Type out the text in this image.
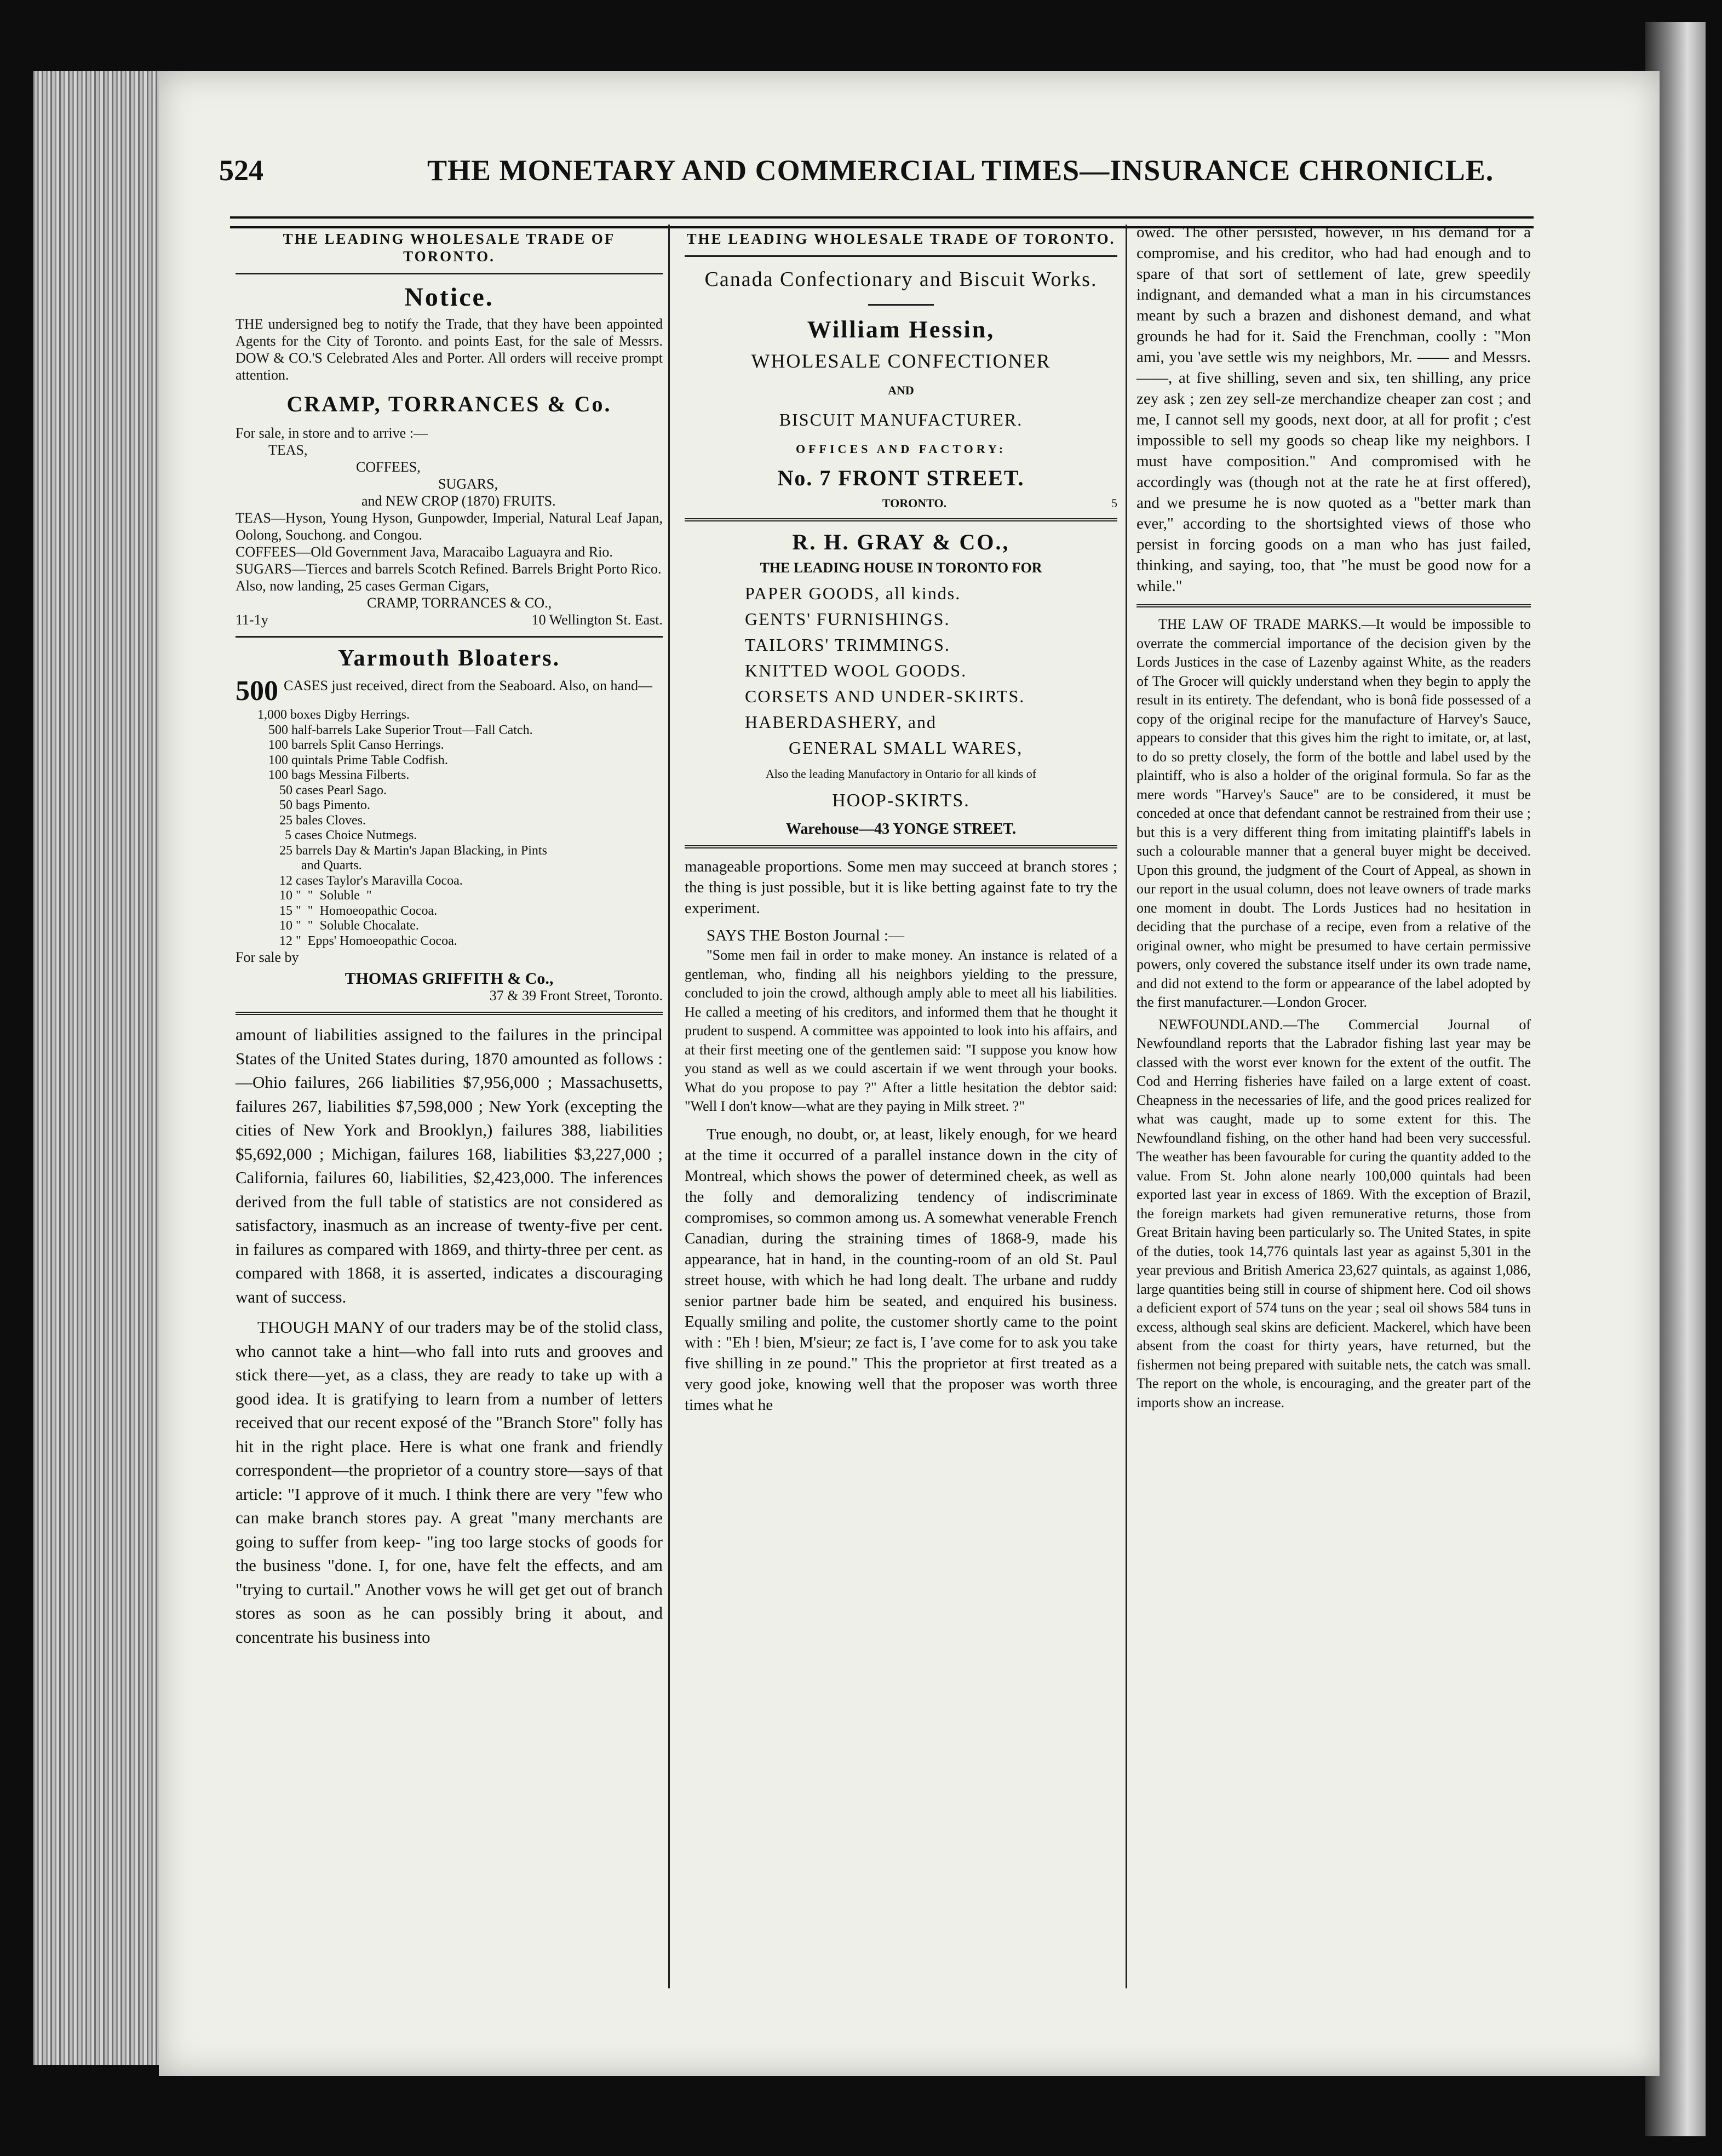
524	THE MONETARY AND COMMERCIAL TIMES—INSURANCE CHRONICLE.
THE LEADING WHOLESALE TRADE OF TORONTO.
Notice.

THE undersigned beg to notify the Trade, that they have been appointed Agents for the City of Toronto. and points East, for the sale of Messrs. DOW & CO.'S Celebrated Ales and Porter. All orders will receive prompt attention.

CRAMP, TORRANCES & Co.

For sale, in store and to arrive :—

TEAS,

COFFEES,

SUGARS,

and NEW CROP (1870) FRUITS.

TEAS—Hyson, Young Hyson, Gunpowder, Imperial, Natural Leaf Japan, Oolong, Souchong. and Congou.

COFFEES—Old Government Java, Maracaibo Laguayra and Rio.

SUGARS—Tierces and barrels Scotch Refined. Barrels Bright Porto Rico.

Also, now landing, 25 cases German Cigars,

CRAMP, TORRANCES & CO.,

11-1y	10 Wellington St. East.
Yarmouth Bloaters.
500 CASES just received, direct from the Seaboard. Also, on hand—
1,000 boxes Digby Herrings.
500 half-barrels Lake Superior Trout—Fall Catch.
100 barrels Split Canso Herrings.
100 quintals Prime Table Codfish.
100 bags Messina Filberts.
50 cases Pearl Sago.
50 bags Pimento.
25 bales Cloves.
5 cases Choice Nutmegs.
25 barrels Day & Martin's Japan Blacking, in Pints
and Quarts.
12 cases Taylor's Maravilla Cocoa.
10 "  "  Soluble  "
15 "  "  Homoeopathic Cocoa.
10 "  "  Soluble Chocalate.
12 "  Epps' Homoeopathic Cocoa.

For sale by

THOMAS GRIFFITH & Co.,

37 & 39 Front Street, Toronto.

amount of liabilities assigned to the failures in the principal States of the United States during, 1870 amounted as follows :—Ohio failures, 266 liabilities $7,956,000 ; Massachusetts, failures 267, liabilities $7,598,000 ; New York (excepting the cities of New York and Brooklyn,) failures 388, liabilities $5,692,000 ; Michigan, failures 168, liabilities $3,227,000 ; California, failures 60, liabilities, $2,423,000. The inferences derived from the full table of statistics are not considered as satisfactory, inasmuch as an increase of twenty-five per cent. in failures as compared with 1869, and thirty-three per cent. as compared with 1868, it is asserted, indicates a discouraging want of success.

THOUGH MANY of our traders may be of the stolid class, who cannot take a hint—who fall into ruts and grooves and stick there—yet, as a class, they are ready to take up with a good idea. It is gratifying to learn from a number of letters received that our recent exposé of the "Branch Store" folly has hit in the right place. Here is what one frank and friendly correspondent—the proprietor of a country store—says of that article: "I approve of it much. I think there are very "few who can make branch stores pay. A great "many merchants are going to suffer from keep- "ing too large stocks of goods for the business "done. I, for one, have felt the effects, and am "trying to curtail." Another vows he will get get out of branch stores as soon as he can possibly bring it about, and concentrate his business into

THE LEADING WHOLESALE TRADE OF TORONTO.
Canada Confectionary and Biscuit Works.
William Hessin,
WHOLESALE CONFECTIONER
AND
BISCUIT MANUFACTURER.
OFFICES AND FACTORY:
No. 7 FRONT STREET.
TORONTO.	5
R. H. GRAY & CO.,
THE LEADING HOUSE IN TORONTO FOR
PAPER GOODS, all kinds.
GENTS' FURNISHINGS.
TAILORS' TRIMMINGS.
KNITTED WOOL GOODS.
CORSETS AND UNDER-SKIRTS.
HABERDASHERY, and
GENERAL SMALL WARES,
Also the leading Manufactory in Ontario for all kinds of
HOOP-SKIRTS.
Warehouse—43 YONGE STREET.

manageable proportions. Some men may succeed at branch stores ; the thing is just possible, but it is like betting against fate to try the experiment.

SAYS THE Boston Journal :—

"Some men fail in order to make money. An instance is related of a gentleman, who, finding all his neighbors yielding to the pressure, concluded to join the crowd, although amply able to meet all his liabilities. He called a meeting of his creditors, and informed them that he thought it prudent to suspend. A committee was appointed to look into his affairs, and at their first meeting one of the gentlemen said: "I suppose you know how you stand as well as we could ascertain if we went through your books. What do you propose to pay ?" After a little hesitation the debtor said: "Well I don't know—what are they paying in Milk street. ?"

True enough, no doubt, or, at least, likely enough, for we heard at the time it occurred of a parallel instance down in the city of Montreal, which shows the power of determined cheek, as well as the folly and demoralizing tendency of indiscriminate compromises, so common among us. A somewhat venerable French Canadian, during the straining times of 1868-9, made his appearance, hat in hand, in the counting-room of an old St. Paul street house, with which he had long dealt. The urbane and ruddy senior partner bade him be seated, and enquired his business. Equally smiling and polite, the customer shortly came to the point with : "Eh ! bien, M'sieur; ze fact is, I 'ave come for to ask you take five shilling in ze pound." This the proprietor at first treated as a very good joke, knowing well that the proposer was worth three times what he

owed. The other persisted, however, in his demand for a compromise, and his creditor, who had had enough and to spare of that sort of settlement of late, grew speedily indignant, and demanded what a man in his circumstances meant by such a brazen and dishonest demand, and what grounds he had for it. Said the Frenchman, coolly : "Mon ami, you 'ave settle wis my neighbors, Mr. —— and Messrs. ——, at five shilling, seven and six, ten shilling, any price zey ask ; zen zey sell-ze merchandize cheaper zan cost ; and me, I cannot sell my goods, next door, at all for profit ; c'est impossible to sell my goods so cheap like my neighbors. I must have composition." And compromised with he accordingly was (though not at the rate he at first offered), and we presume he is now quoted as a "better mark than ever," according to the shortsighted views of those who persist in forcing goods on a man who has just failed, thinking, and saying, too, that "he must be good now for a while."

THE LAW OF TRADE MARKS.—It would be impossible to overrate the commercial importance of the decision given by the Lords Justices in the case of Lazenby against White, as the readers of The Grocer will quickly understand when they begin to apply the result in its entirety. The defendant, who is bonâ fide possessed of a copy of the original recipe for the manufacture of Harvey's Sauce, appears to consider that this gives him the right to imitate, or, at last, to do so pretty closely, the form of the bottle and label used by the plaintiff, who is also a holder of the original formula. So far as the mere words "Harvey's Sauce" are to be considered, it must be conceded at once that defendant cannot be restrained from their use ; but this is a very different thing from imitating plaintiff's labels in such a colourable manner that a general buyer might be deceived. Upon this ground, the judgment of the Court of Appeal, as shown in our report in the usual column, does not leave owners of trade marks one moment in doubt. The Lords Justices had no hesitation in deciding that the purchase of a recipe, even from a relative of the original owner, who might be presumed to have certain permissive powers, only covered the substance itself under its own trade name, and did not extend to the form or appearance of the label adopted by the first manufacturer.—London Grocer.

NEWFOUNDLAND.—The Commercial Journal of Newfoundland reports that the Labrador fishing last year may be classed with the worst ever known for the extent of the outfit. The Cod and Herring fisheries have failed on a large extent of coast. Cheapness in the necessaries of life, and the good prices realized for what was caught, made up to some extent for this. The Newfoundland fishing, on the other hand had been very successful. The weather has been favourable for curing the quantity added to the value. From St. John alone nearly 100,000 quintals had been exported last year in excess of 1869. With the exception of Brazil, the foreign markets had given remunerative returns, those from Great Britain having been particularly so. The United States, in spite of the duties, took 14,776 quintals last year as against 5,301 in the year previous and British America 23,627 quintals, as against 1,086, large quantities being still in course of shipment here. Cod oil shows a deficient export of 574 tuns on the year ; seal oil shows 584 tuns in excess, although seal skins are deficient. Mackerel, which have been absent from the coast for thirty years, have returned, but the fishermen not being prepared with suitable nets, the catch was small. The report on the whole, is encouraging, and the greater part of the imports show an increase.
